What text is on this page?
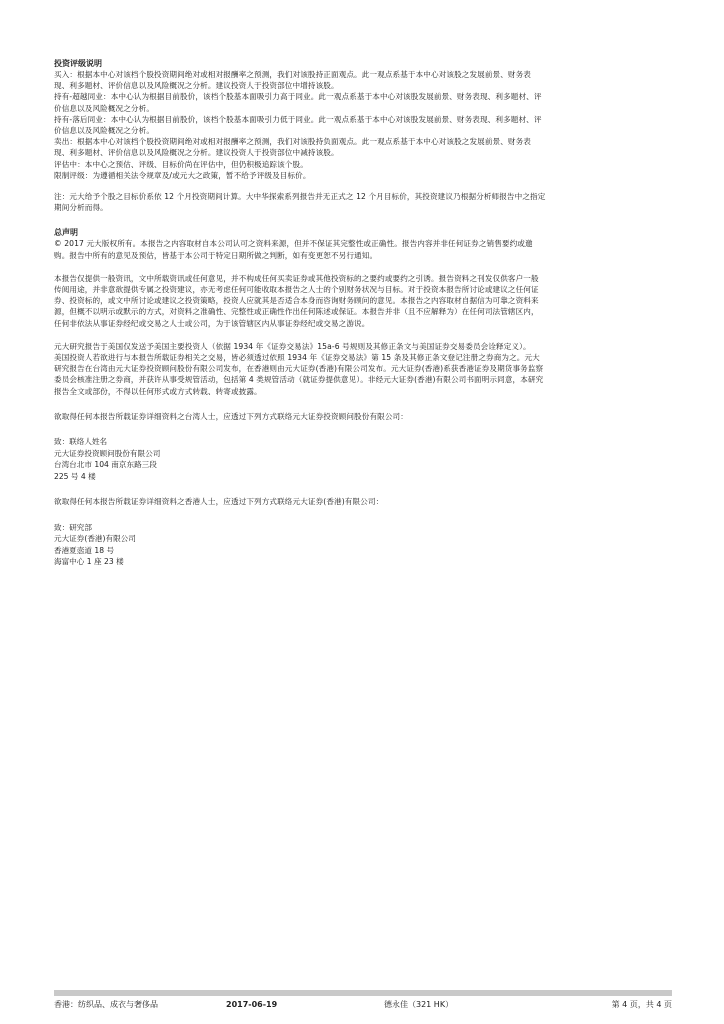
投资评级说明

买入：根据本中心对该档个股投资期间绝对或相对报酬率之预测，我们对该股持正面观点。此一观点系基于本中心对该股之发展前景、财务表

现、利多题材、评价信息以及风险概况之分析。建议投资人于投资部位中增持该股。

持有-超越同业：本中心认为根据目前股价，该档个股基本面吸引力高于同业。此一观点系基于本中心对该股发展前景、财务表现、利多题材、评

价信息以及风险概况之分析。

持有-落后同业：本中心认为根据目前股价，该档个股基本面吸引力低于同业。此一观点系基于本中心对该股发展前景、财务表现、利多题材、评

价信息以及风险概况之分析。

卖出：根据本中心对该档个股投资期间绝对或相对报酬率之预测，我们对该股持负面观点。此一观点系基于本中心对该股之发展前景、财务表

现、利多题材、评价信息以及风险概况之分析。建议投资人于投资部位中减持该股。

评估中：本中心之预估、评级、目标价尚在评估中，但仍积极追踪该个股。

限制评级：为遵循相关法令规章及/或元大之政策，暂不给予评级及目标价。

注：元大给予个股之目标价系依 12 个月投资期间计算。大中华探索系列报告并无正式之 12 个月目标价，其投资建议乃根据分析师报告中之指定

期间分析而得。

总声明

© 2017 元大版权所有。本报告之内容取材自本公司认可之资料来源，但并不保证其完整性或正确性。报告内容并非任何证券之销售要约或邀

购。报告中所有的意见及预估，皆基于本公司于特定日期所做之判断，如有变更恕不另行通知。

本报告仅提供一般资讯，文中所载资讯或任何意见，并不构成任何买卖证券或其他投资标的之要约或要约之引诱。报告资料之刊发仅供客户一般

传阅用途，并非意欲提供专属之投资建议，亦无考虑任何可能收取本报告之人士的个别财务状况与目标。对于投资本报告所讨论或建议之任何证

券、投资标的，或文中所讨论或建议之投资策略，投资人应就其是否适合本身而咨询财务顾问的意见。本报告之内容取材自据信为可靠之资料来

源，但概不以明示或默示的方式，对资料之准确性、完整性或正确性作出任何陈述或保证。本报告并非（且不应解释为）在任何司法管辖区内，

任何非依法从事证券经纪或交易之人士或公司，为于该管辖区内从事证券经纪或交易之游说。

元大研究报告于美国仅发送予美国主要投资人（依据 1934 年《证券交易法》15a-6 号规则及其修正条文与美国证券交易委员会诠释定义）。

美国投资人若欲进行与本报告所载证券相关之交易，皆必须透过依照 1934 年《证券交易法》第 15 条及其修正条文登记注册之券商为之。元大

研究报告在台湾由元大证券投资顾问股份有限公司发布，在香港则由元大证券(香港)有限公司发布。元大证券(香港)系获香港证券及期货事务监察

委员会核准注册之券商，并获许从事受规管活动，包括第 4 类规管活动（就证券提供意见）。非经元大证券(香港)有限公司书面明示同意，本研究

报告全文或部份，不得以任何形式或方式转载、转寄或披露。

欲取得任何本报告所载证券详细资料之台湾人士，应透过下列方式联络元大证券投资顾问股份有限公司：

致：联络人姓名

元大证券投资顾问股份有限公司

台湾台北市 104 南京东路三段

225 号 4 楼

欲取得任何本报告所载证券详细资料之香港人士，应透过下列方式联络元大证券(香港)有限公司：

致：研究部

元大证券(香港)有限公司

香港夏悫道 18 号

海富中心 1 座 23 楼

香港：纺织品、成衣与奢侈品	2017-06-19	德永佳（321 HK）	第 4 页，共 4 页
